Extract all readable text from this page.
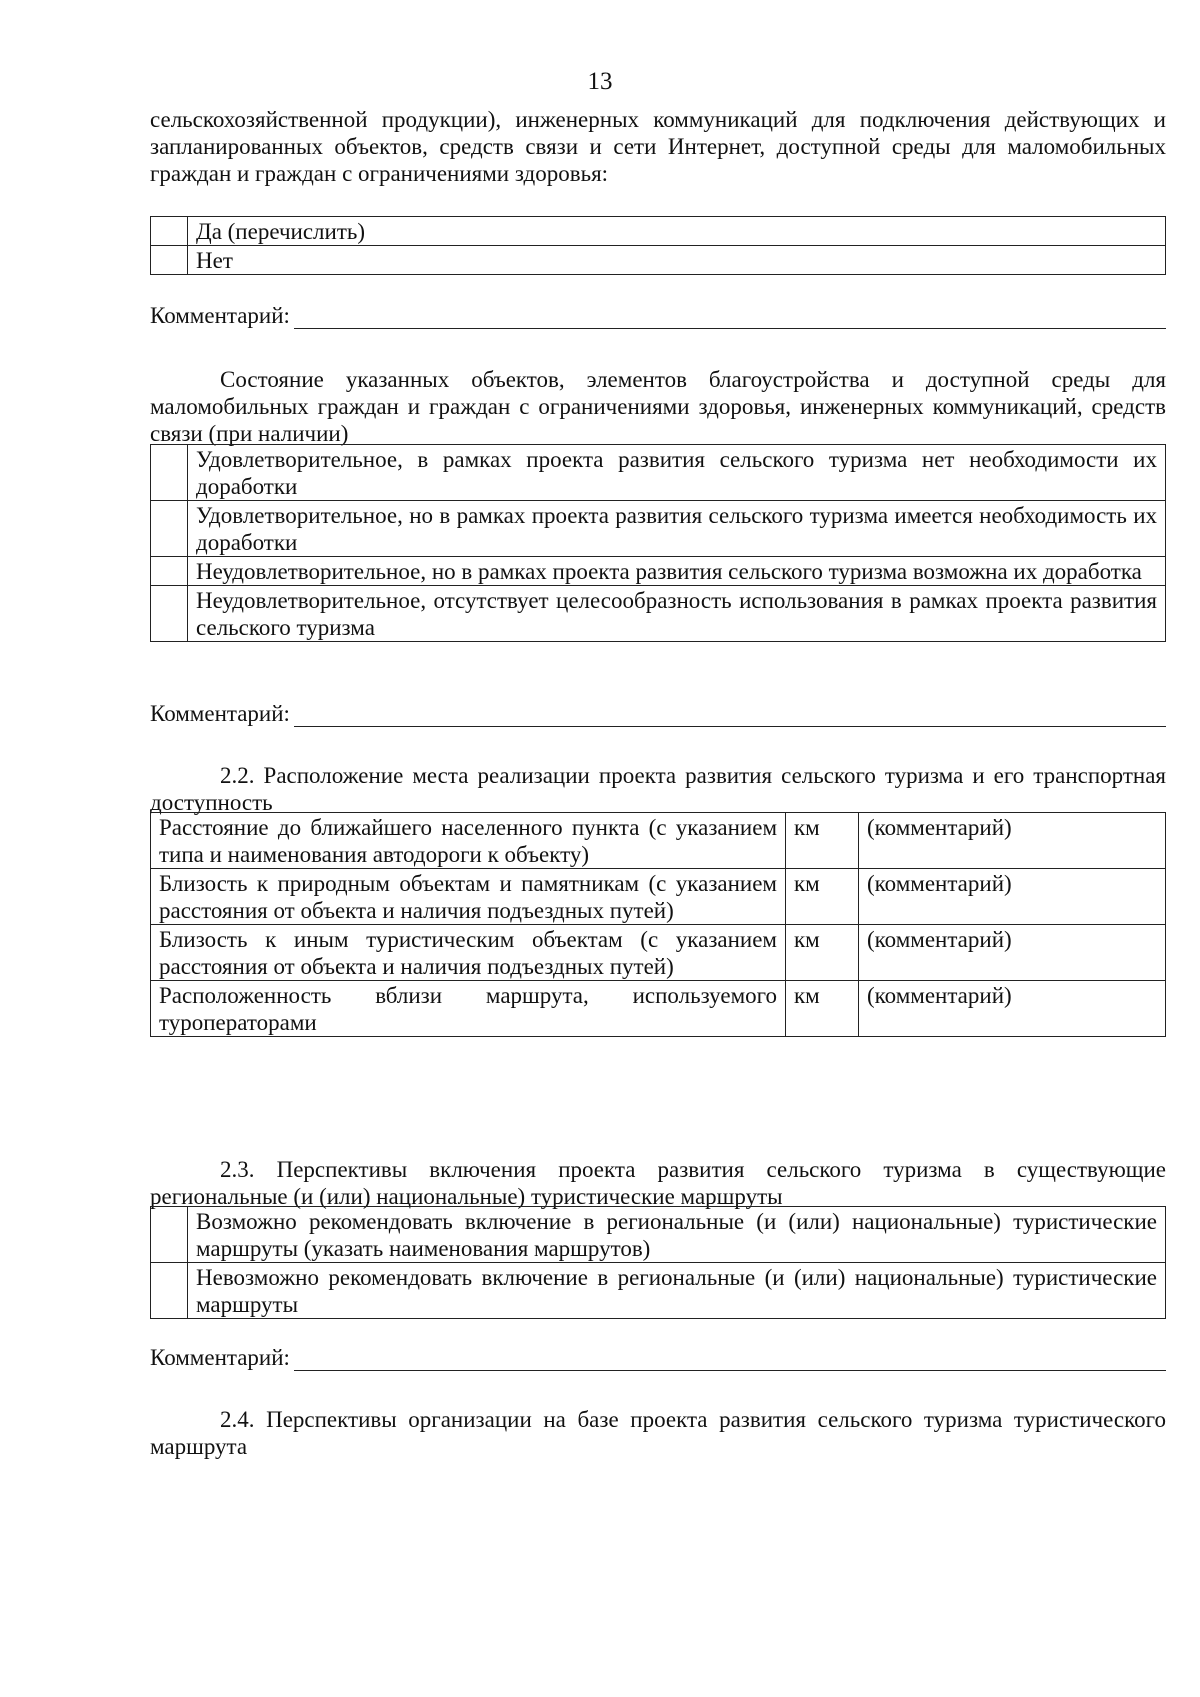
13
сельскохозяйственной продукции), инженерных коммуникаций для подключения действующих и запланированных объектов, средств связи и сети Интернет, доступной среды для маломобильных граждан и граждан с ограничениями здоровья:
	Да (перечислить)
	Нет
Комментарий:
Состояние указанных объектов, элементов благоустройства и доступной среды для маломобильных граждан и граждан с ограничениями здоровья, инженерных коммуникаций, средств связи (при наличии)
	Удовлетворительное, в рамках проекта развития сельского туризма нет необходимости их доработки
	Удовлетворительное, но в рамках проекта развития сельского туризма имеется необходимость их доработки
	Неудовлетворительное, но в рамках проекта развития сельского туризма возможна их доработка
	Неудовлетворительное, отсутствует целесообразность использования в рамках проекта развития сельского туризма
Комментарий:
2.2. Расположение места реализации проекта развития сельского туризма и его транспортная доступность
Расстояние до ближайшего населенного пункта (с указанием типа и наименования автодороги к объекту)	км	(комментарий)
Близость к природным объектам и памятникам (с указанием расстояния от объекта и наличия подъездных путей)	км	(комментарий)
Близость к иным туристическим объектам (с указанием расстояния от объекта и наличия подъездных путей)	км	(комментарий)
Расположенность вблизи маршрута, используемого туроператорами	км	(комментарий)
2.3. Перспективы включения проекта развития сельского туризма в существующие региональные (и (или) национальные) туристические маршруты
	Возможно рекомендовать включение в региональные (и (или) национальные) туристические маршруты (указать наименования маршрутов)
	Невозможно рекомендовать включение в региональные (и (или) национальные) туристические маршруты
Комментарий:
2.4. Перспективы организации на базе проекта развития сельского туризма туристического маршрута
